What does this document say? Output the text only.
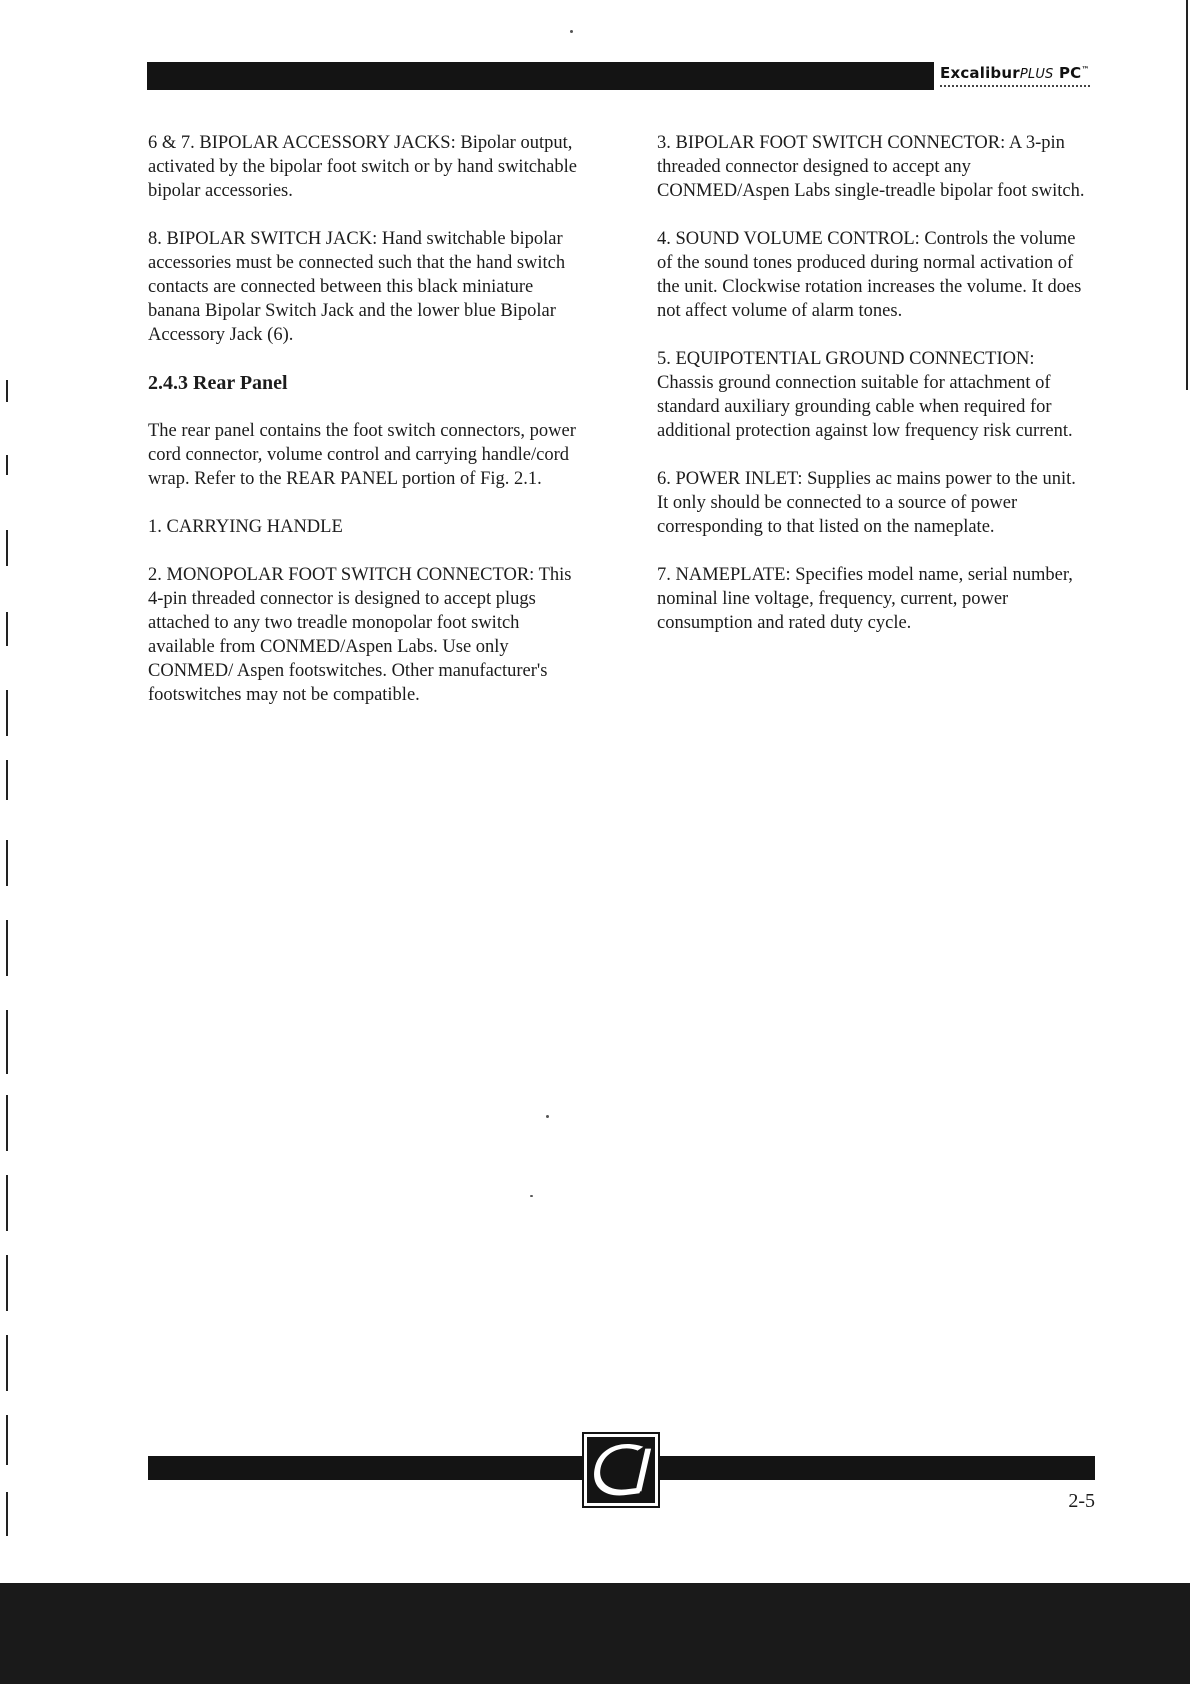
ExcaliburPLUS PC™

6 & 7. BIPOLAR ACCESSORY JACKS: Bipolar output, activated by the bipolar foot switch or by hand switchable bipolar accessories.

8. BIPOLAR SWITCH JACK: Hand switchable bipolar accessories must be connected such that the hand switch contacts are connected between this black miniature banana Bipolar Switch Jack and the lower blue Bipolar Accessory Jack (6).

2.4.3 Rear Panel

The rear panel contains the foot switch connectors, power cord connector, volume control and carrying handle/cord wrap. Refer to the REAR PANEL portion of Fig. 2.1.

1. CARRYING HANDLE

2. MONOPOLAR FOOT SWITCH CONNECTOR: This 4-pin threaded connector is designed to accept plugs attached to any two treadle monopolar foot switch available from CONMED/Aspen Labs. Use only CONMED/ Aspen footswitches. Other manufacturer's footswitches may not be compatible.

3. BIPOLAR FOOT SWITCH CONNECTOR: A 3-pin threaded connector designed to accept any CONMED/Aspen Labs single-treadle bipolar foot switch.

4. SOUND VOLUME CONTROL: Controls the volume of the sound tones produced during normal activation of the unit. Clockwise rotation increases the volume. It does not affect volume of alarm tones.

5. EQUIPOTENTIAL GROUND CONNECTION: Chassis ground connection suitable for attachment of standard auxiliary grounding cable when required for additional protection against low frequency risk current.

6. POWER INLET: Supplies ac mains power to the unit. It only should be connected to a source of power corresponding to that listed on the nameplate.

7. NAMEPLATE: Specifies model name, serial number, nominal line voltage, frequency, current, power consumption and rated duty cycle.

2-5
